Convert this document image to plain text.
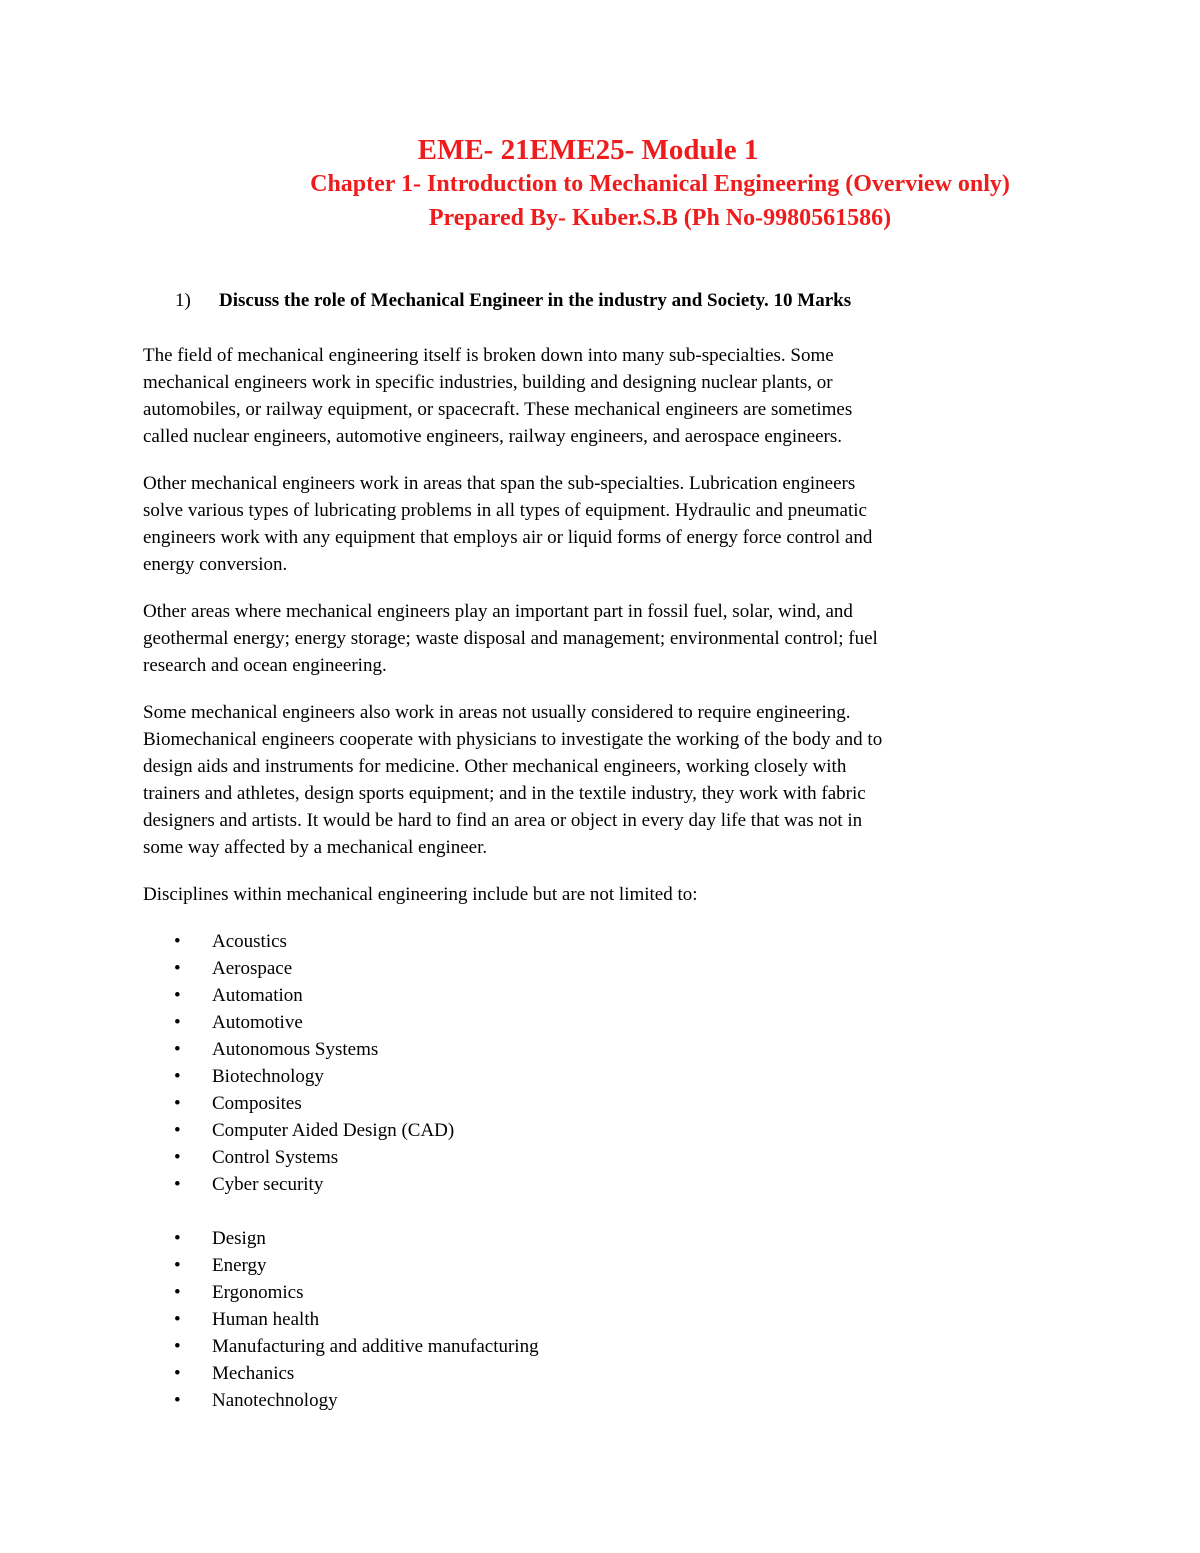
EME- 21EME25- Module 1
Chapter 1- Introduction to Mechanical Engineering (Overview only)
Prepared By- Kuber.S.B (Ph No-9980561586)
1) Discuss the role of Mechanical Engineer in the industry and Society. 10 Marks
The field of mechanical engineering itself is broken down into many sub-specialties. Some
mechanical engineers work in specific industries, building and designing nuclear plants, or
automobiles, or railway equipment, or spacecraft. These mechanical engineers are sometimes
called nuclear engineers, automotive engineers, railway engineers, and aerospace engineers.
Other mechanical engineers work in areas that span the sub-specialties. Lubrication engineers
solve various types of lubricating problems in all types of equipment. Hydraulic and pneumatic
engineers work with any equipment that employs air or liquid forms of energy force control and
energy conversion.
Other areas where mechanical engineers play an important part in fossil fuel, solar, wind, and
geothermal energy; energy storage; waste disposal and management; environmental control; fuel
research and ocean engineering.
Some mechanical engineers also work in areas not usually considered to require engineering.
Biomechanical engineers cooperate with physicians to investigate the working of the body and to
design aids and instruments for medicine. Other mechanical engineers, working closely with
trainers and athletes, design sports equipment; and in the textile industry, they work with fabric
designers and artists. It would be hard to find an area or object in every day life that was not in
some way affected by a mechanical engineer.
Disciplines within mechanical engineering include but are not limited to:
• Acoustics
• Aerospace
• Automation
• Automotive
• Autonomous Systems
• Biotechnology
• Composites
• Computer Aided Design (CAD)
• Control Systems
• Cyber security
• Design
• Energy
• Ergonomics
• Human health
• Manufacturing and additive manufacturing
• Mechanics
• Nanotechnology
